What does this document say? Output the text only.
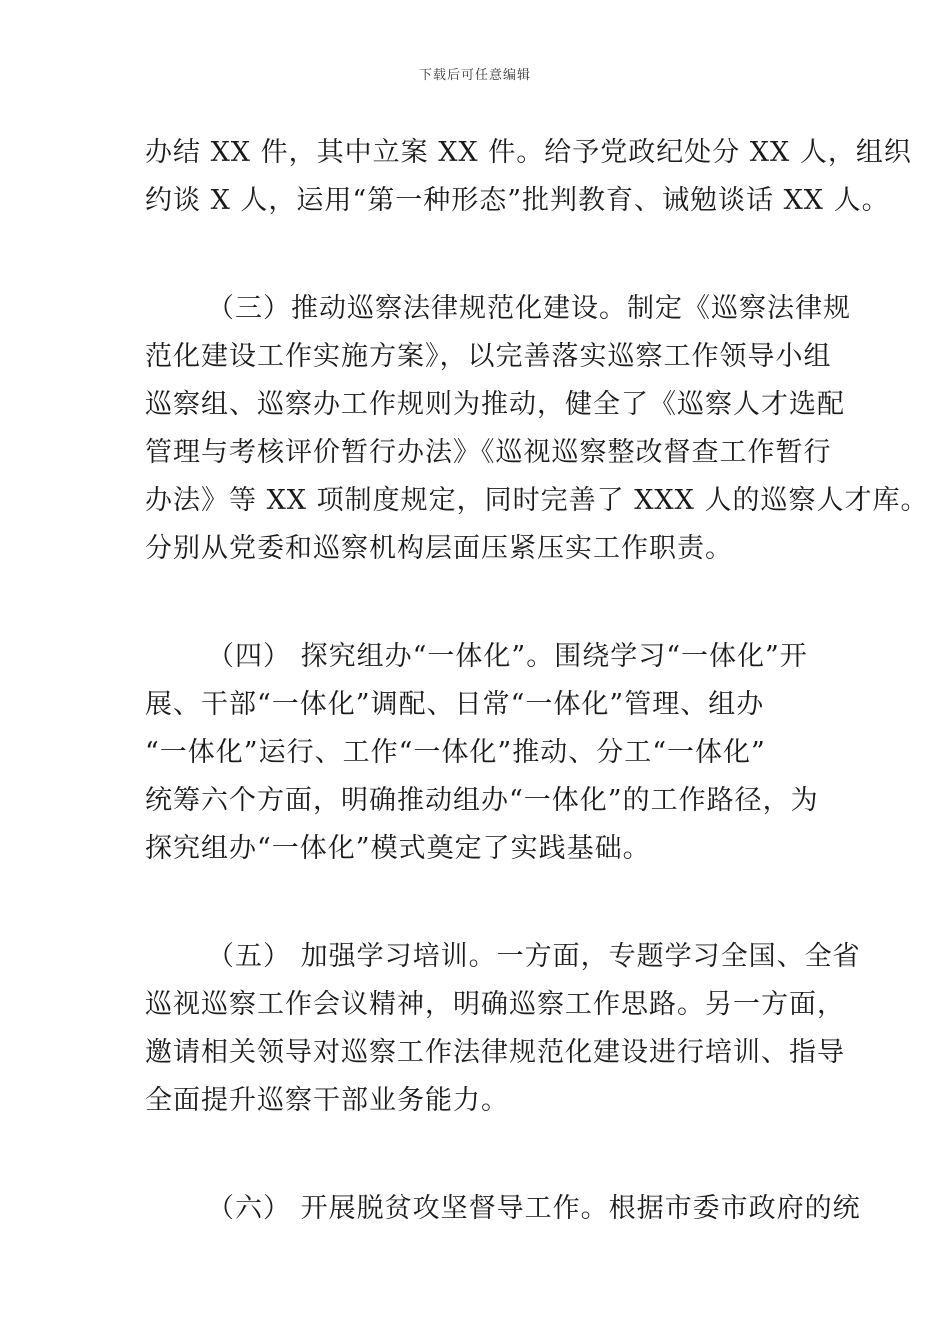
下载后可任意编辑
办结 XX 件，其中立案 XX 件。给予党政纪处分 XX 人，组织
约谈 X 人，运用“第一种形态”批判教育、诫勉谈话 XX 人。
（三）推动巡察法律规范化建设。制定《巡察法律规
范化建设工作实施方案》，以完善落实巡察工作领导小组
巡察组、巡察办工作规则为推动，健全了《巡察人才选配
管理与考核评价暂行办法》《巡视巡察整改督查工作暂行
办法》等 XX 项制度规定，同时完善了 XXX 人的巡察人才库。
分别从党委和巡察机构层面压紧压实工作职责。
（四） 探究组办“一体化”。围绕学习“一体化”开
展、干部“一体化”调配、日常“一体化”管理、组办
“一体化”运行、工作“一体化”推动、分工“一体化”
统筹六个方面，明确推动组办“一体化”的工作路径，为
探究组办“一体化”模式奠定了实践基础。
（五） 加强学习培训。一方面，专题学习全国、全省
巡视巡察工作会议精神，明确巡察工作思路。另一方面，
邀请相关领导对巡察工作法律规范化建设进行培训、指导
全面提升巡察干部业务能力。
（六） 开展脱贫攻坚督导工作。根据市委市政府的统
